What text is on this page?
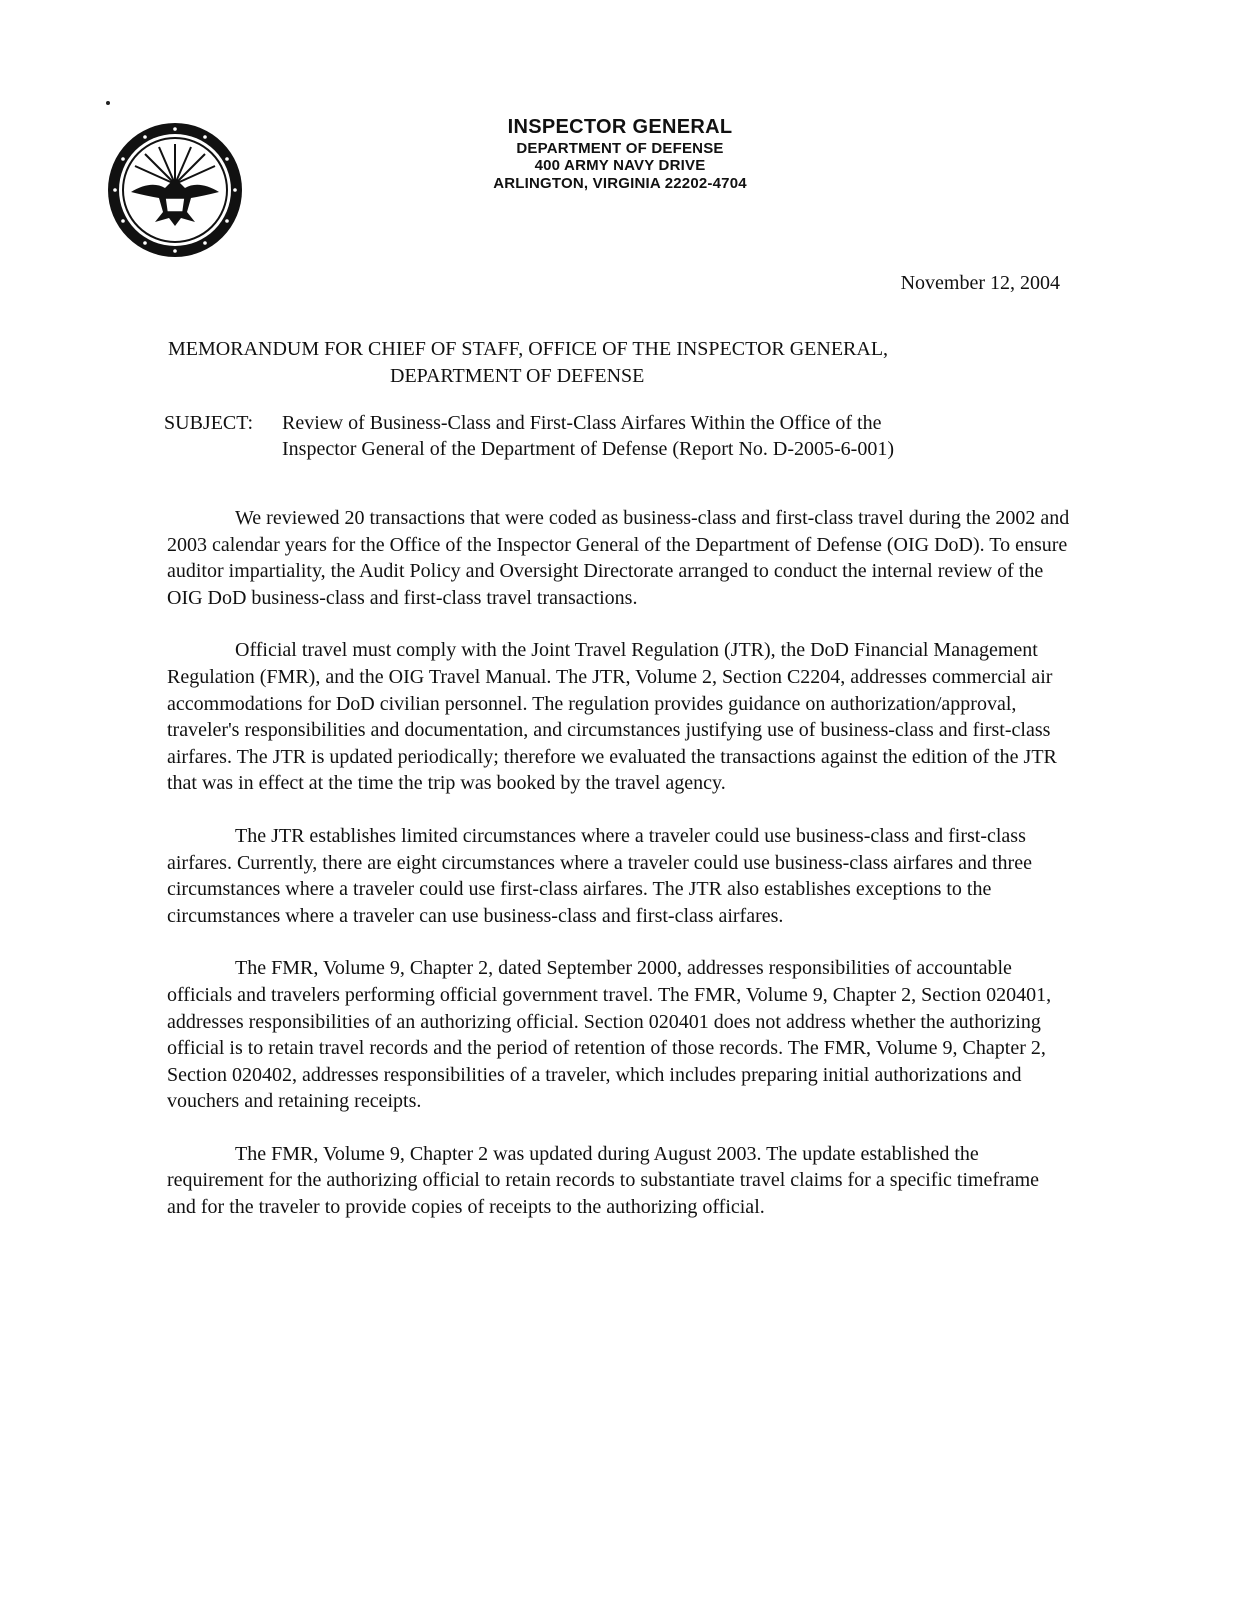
INSPECTOR GENERAL
DEPARTMENT OF DEFENSE
400 ARMY NAVY DRIVE
ARLINGTON, VIRGINIA 22202-4704
November 12, 2004
MEMORANDUM FOR CHIEF OF STAFF, OFFICE OF THE INSPECTOR GENERAL,
DEPARTMENT OF DEFENSE
SUBJECT: Review of Business-Class and First-Class Airfares Within the Office of the
Inspector General of the Department of Defense (Report No. D-2005-6-001)

We reviewed 20 transactions that were coded as business-class and first-class travel during the 2002 and 2003 calendar years for the Office of the Inspector General of the Department of Defense (OIG DoD). To ensure auditor impartiality, the Audit Policy and Oversight Directorate arranged to conduct the internal review of the OIG DoD business-class and first-class travel transactions.

Official travel must comply with the Joint Travel Regulation (JTR), the DoD Financial Management Regulation (FMR), and the OIG Travel Manual. The JTR, Volume 2, Section C2204, addresses commercial air accommodations for DoD civilian personnel. The regulation provides guidance on authorization/approval, traveler's responsibilities and documentation, and circumstances justifying use of business-class and first-class airfares. The JTR is updated periodically; therefore we evaluated the transactions against the edition of the JTR that was in effect at the time the trip was booked by the travel agency.

The JTR establishes limited circumstances where a traveler could use business-class and first-class airfares. Currently, there are eight circumstances where a traveler could use business-class airfares and three circumstances where a traveler could use first-class airfares. The JTR also establishes exceptions to the circumstances where a traveler can use business-class and first-class airfares.

The FMR, Volume 9, Chapter 2, dated September 2000, addresses responsibilities of accountable officials and travelers performing official government travel. The FMR, Volume 9, Chapter 2, Section 020401, addresses responsibilities of an authorizing official. Section 020401 does not address whether the authorizing official is to retain travel records and the period of retention of those records. The FMR, Volume 9, Chapter 2, Section 020402, addresses responsibilities of a traveler, which includes preparing initial authorizations and vouchers and retaining receipts.

The FMR, Volume 9, Chapter 2 was updated during August 2003. The update established the requirement for the authorizing official to retain records to substantiate travel claims for a specific timeframe and for the traveler to provide copies of receipts to the authorizing official.
